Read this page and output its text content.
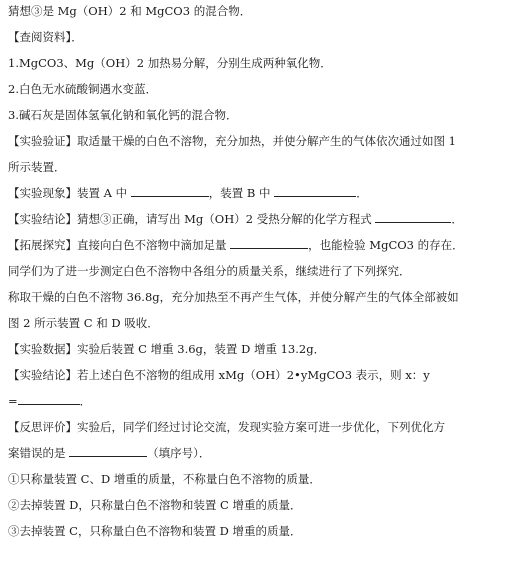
猜想③是 Mg（OH）2 和 MgCO3 的混合物．

【查阅资料】．

1.MgCO3、Mg（OH）2 加热易分解，分别生成两种氧化物．

2.白色无水硫酸铜遇水变蓝．

3.碱石灰是固体氢氧化钠和氧化钙的混合物．

【实验验证】取适量干燥的白色不溶物，充分加热，并使分解产生的气体依次通过如图 1

所示装置．

【实验现象】装置 A 中	，装置 B 中	．

【实验结论】猜想③正确，请写出 Mg（OH）2 受热分解的化学方程式	．

【拓展探究】直接向白色不溶物中滴加足量	，也能检验 MgCO3 的存在．

同学们为了进一步测定白色不溶物中各组分的质量关系，继续进行了下列探究．

称取干燥的白色不溶物 36.8g，充分加热至不再产生气体，并使分解产生的气体全部被如

图 2 所示装置 C 和 D 吸收．

【实验数据】实验后装置 C 增重 3.6g，装置 D 增重 13.2g．

【实验结论】若上述白色不溶物的组成用 xMg（OH）2•yMgCO3 表示，则 x：y

=	．

【反思评价】实验后，同学们经过讨论交流，发现实验方案可进一步优化，下列优化方

案错误的是	（填序号）．

①只称量装置 C、D 增重的质量，不称量白色不溶物的质量．

②去掉装置 D，只称量白色不溶物和装置 C 增重的质量．

③去掉装置 C，只称量白色不溶物和装置 D 增重的质量．
